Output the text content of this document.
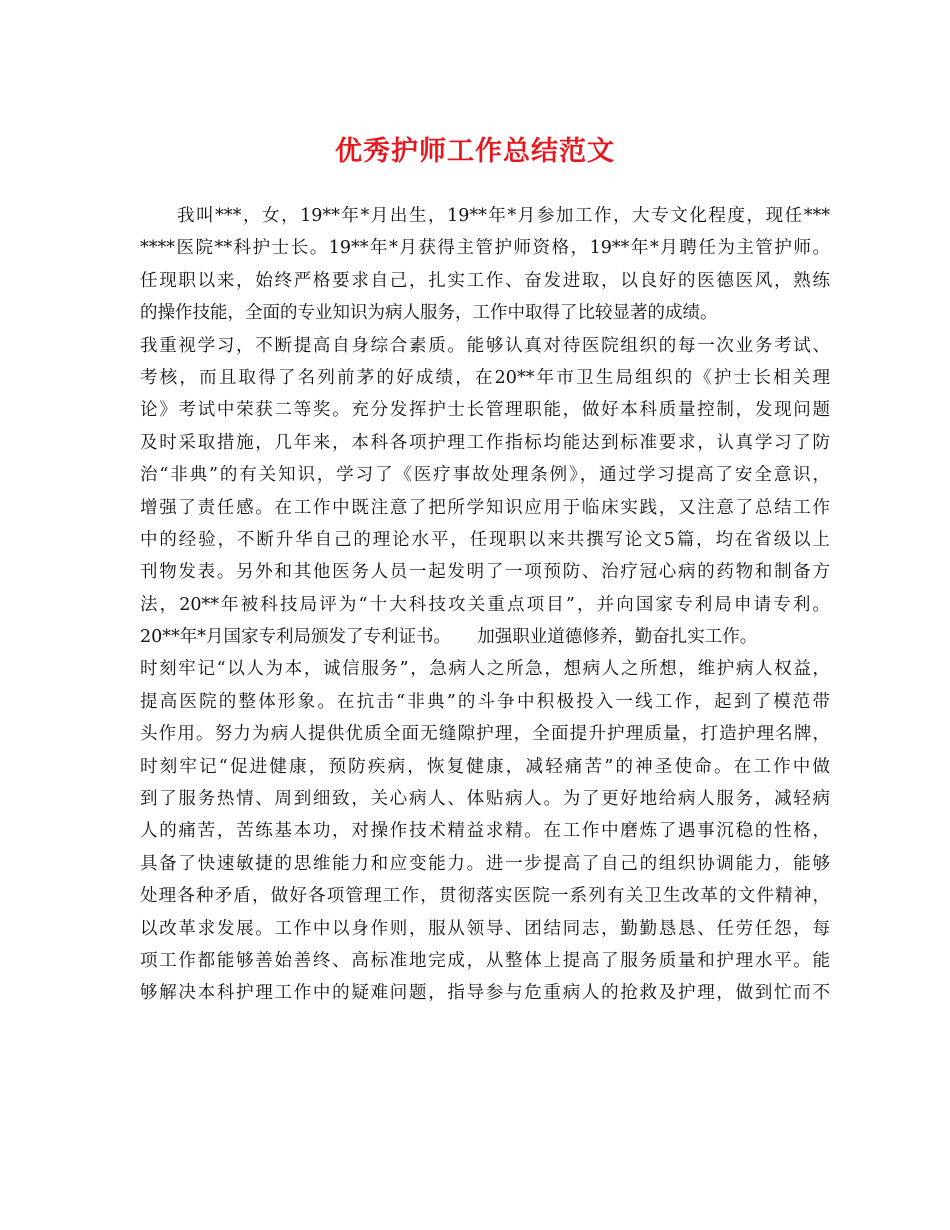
优秀护师工作总结范文
我叫***，女，19**年*月出生，19**年*月参加工作，大专文化程度，现任***
****医院**科护士长。19**年*月获得主管护师资格，19**年*月聘任为主管护师。
任现职以来，始终严格要求自己，扎实工作、奋发进取，以良好的医德医风，熟练
的操作技能，全面的专业知识为病人服务，工作中取得了比较显著的成绩。
我重视学习，不断提高自身综合素质。能够认真对待医院组织的每一次业务考试、
考核，而且取得了名列前茅的好成绩，在20**年市卫生局组织的《护士长相关理
论》考试中荣获二等奖。充分发挥护士长管理职能，做好本科质量控制，发现问题
及时采取措施，几年来，本科各项护理工作指标均能达到标准要求，认真学习了防
治“非典”的有关知识，学习了《医疗事故处理条例》，通过学习提高了安全意识，
增强了责任感。在工作中既注意了把所学知识应用于临床实践，又注意了总结工作
中的经验，不断升华自己的理论水平，任现职以来共撰写论文5篇，均在省级以上
刊物发表。另外和其他医务人员一起发明了一项预防、治疗冠心病的药物和制备方
法，20**年被科技局评为“十大科技攻关重点项目”，并向国家专利局申请专利。
20**年*月国家专利局颁发了专利证书。　　加强职业道德修养，勤奋扎实工作。
时刻牢记“以人为本，诚信服务”，急病人之所急，想病人之所想，维护病人权益，
提高医院的整体形象。在抗击“非典”的斗争中积极投入一线工作，起到了模范带
头作用。努力为病人提供优质全面无缝隙护理，全面提升护理质量，打造护理名牌，
时刻牢记“促进健康，预防疾病，恢复健康，减轻痛苦”的神圣使命。在工作中做
到了服务热情、周到细致，关心病人、体贴病人。为了更好地给病人服务，减轻病
人的痛苦，苦练基本功，对操作技术精益求精。在工作中磨炼了遇事沉稳的性格，
具备了快速敏捷的思维能力和应变能力。进一步提高了自己的组织协调能力，能够
处理各种矛盾，做好各项管理工作，贯彻落实医院一系列有关卫生改革的文件精神，
以改革求发展。工作中以身作则，服从领导、团结同志，勤勤恳恳、任劳任怨，每
项工作都能够善始善终、高标准地完成，从整体上提高了服务质量和护理水平。能
够解决本科护理工作中的疑难问题，指导参与危重病人的抢救及护理，做到忙而不
